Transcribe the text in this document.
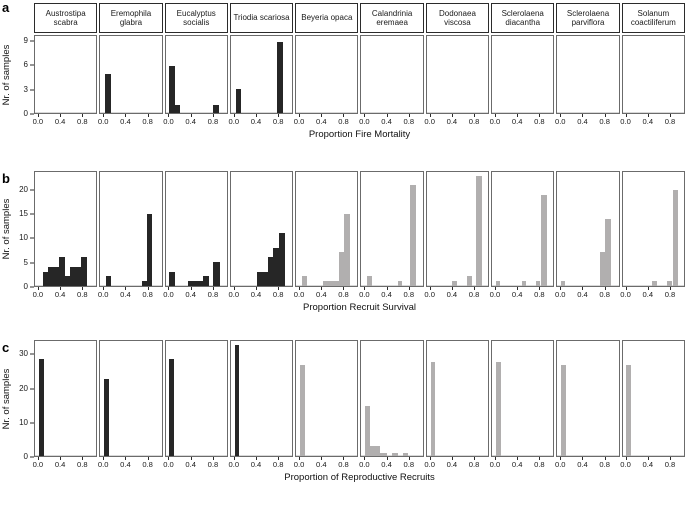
a
Nr. of samples
0
3
6
9
Austrostipa scabra
0.0 0.4 0.8
Eremophila glabra
0.0 0.4 0.8
Eucalyptus socialis
0.0 0.4 0.8
Triodia scariosa
0.0 0.4 0.8
Beyeria opaca
0.0 0.4 0.8
Calandrinia eremaea
0.0 0.4 0.8
Dodonaea viscosa
0.0 0.4 0.8
Sclerolaena diacantha
0.0 0.4 0.8
Sclerolaena parviflora
0.0 0.4 0.8
Solanum coactiliferum
0.0 0.4 0.8
Proportion Fire Mortality
b
Nr. of samples
0
5
10
15
20
0.0 0.4 0.8 0.0 0.4 0.8 0.0 0.4 0.8 0.0 0.4 0.8 0.0 0.4 0.8 0.0 0.4 0.8 0.0 0.4 0.8 0.0 0.4 0.8 0.0 0.4 0.8 0.0 0.4 0.8
Proportion Recruit Survival
c
Nr. of samples
0
10
20
30
0.0 0.4 0.8 0.0 0.4 0.8 0.0 0.4 0.8 0.0 0.4 0.8 0.0 0.4 0.8 0.0 0.4 0.8 0.0 0.4 0.8 0.0 0.4 0.8 0.0 0.4 0.8 0.0 0.4 0.8
Proportion of Reproductive Recruits
